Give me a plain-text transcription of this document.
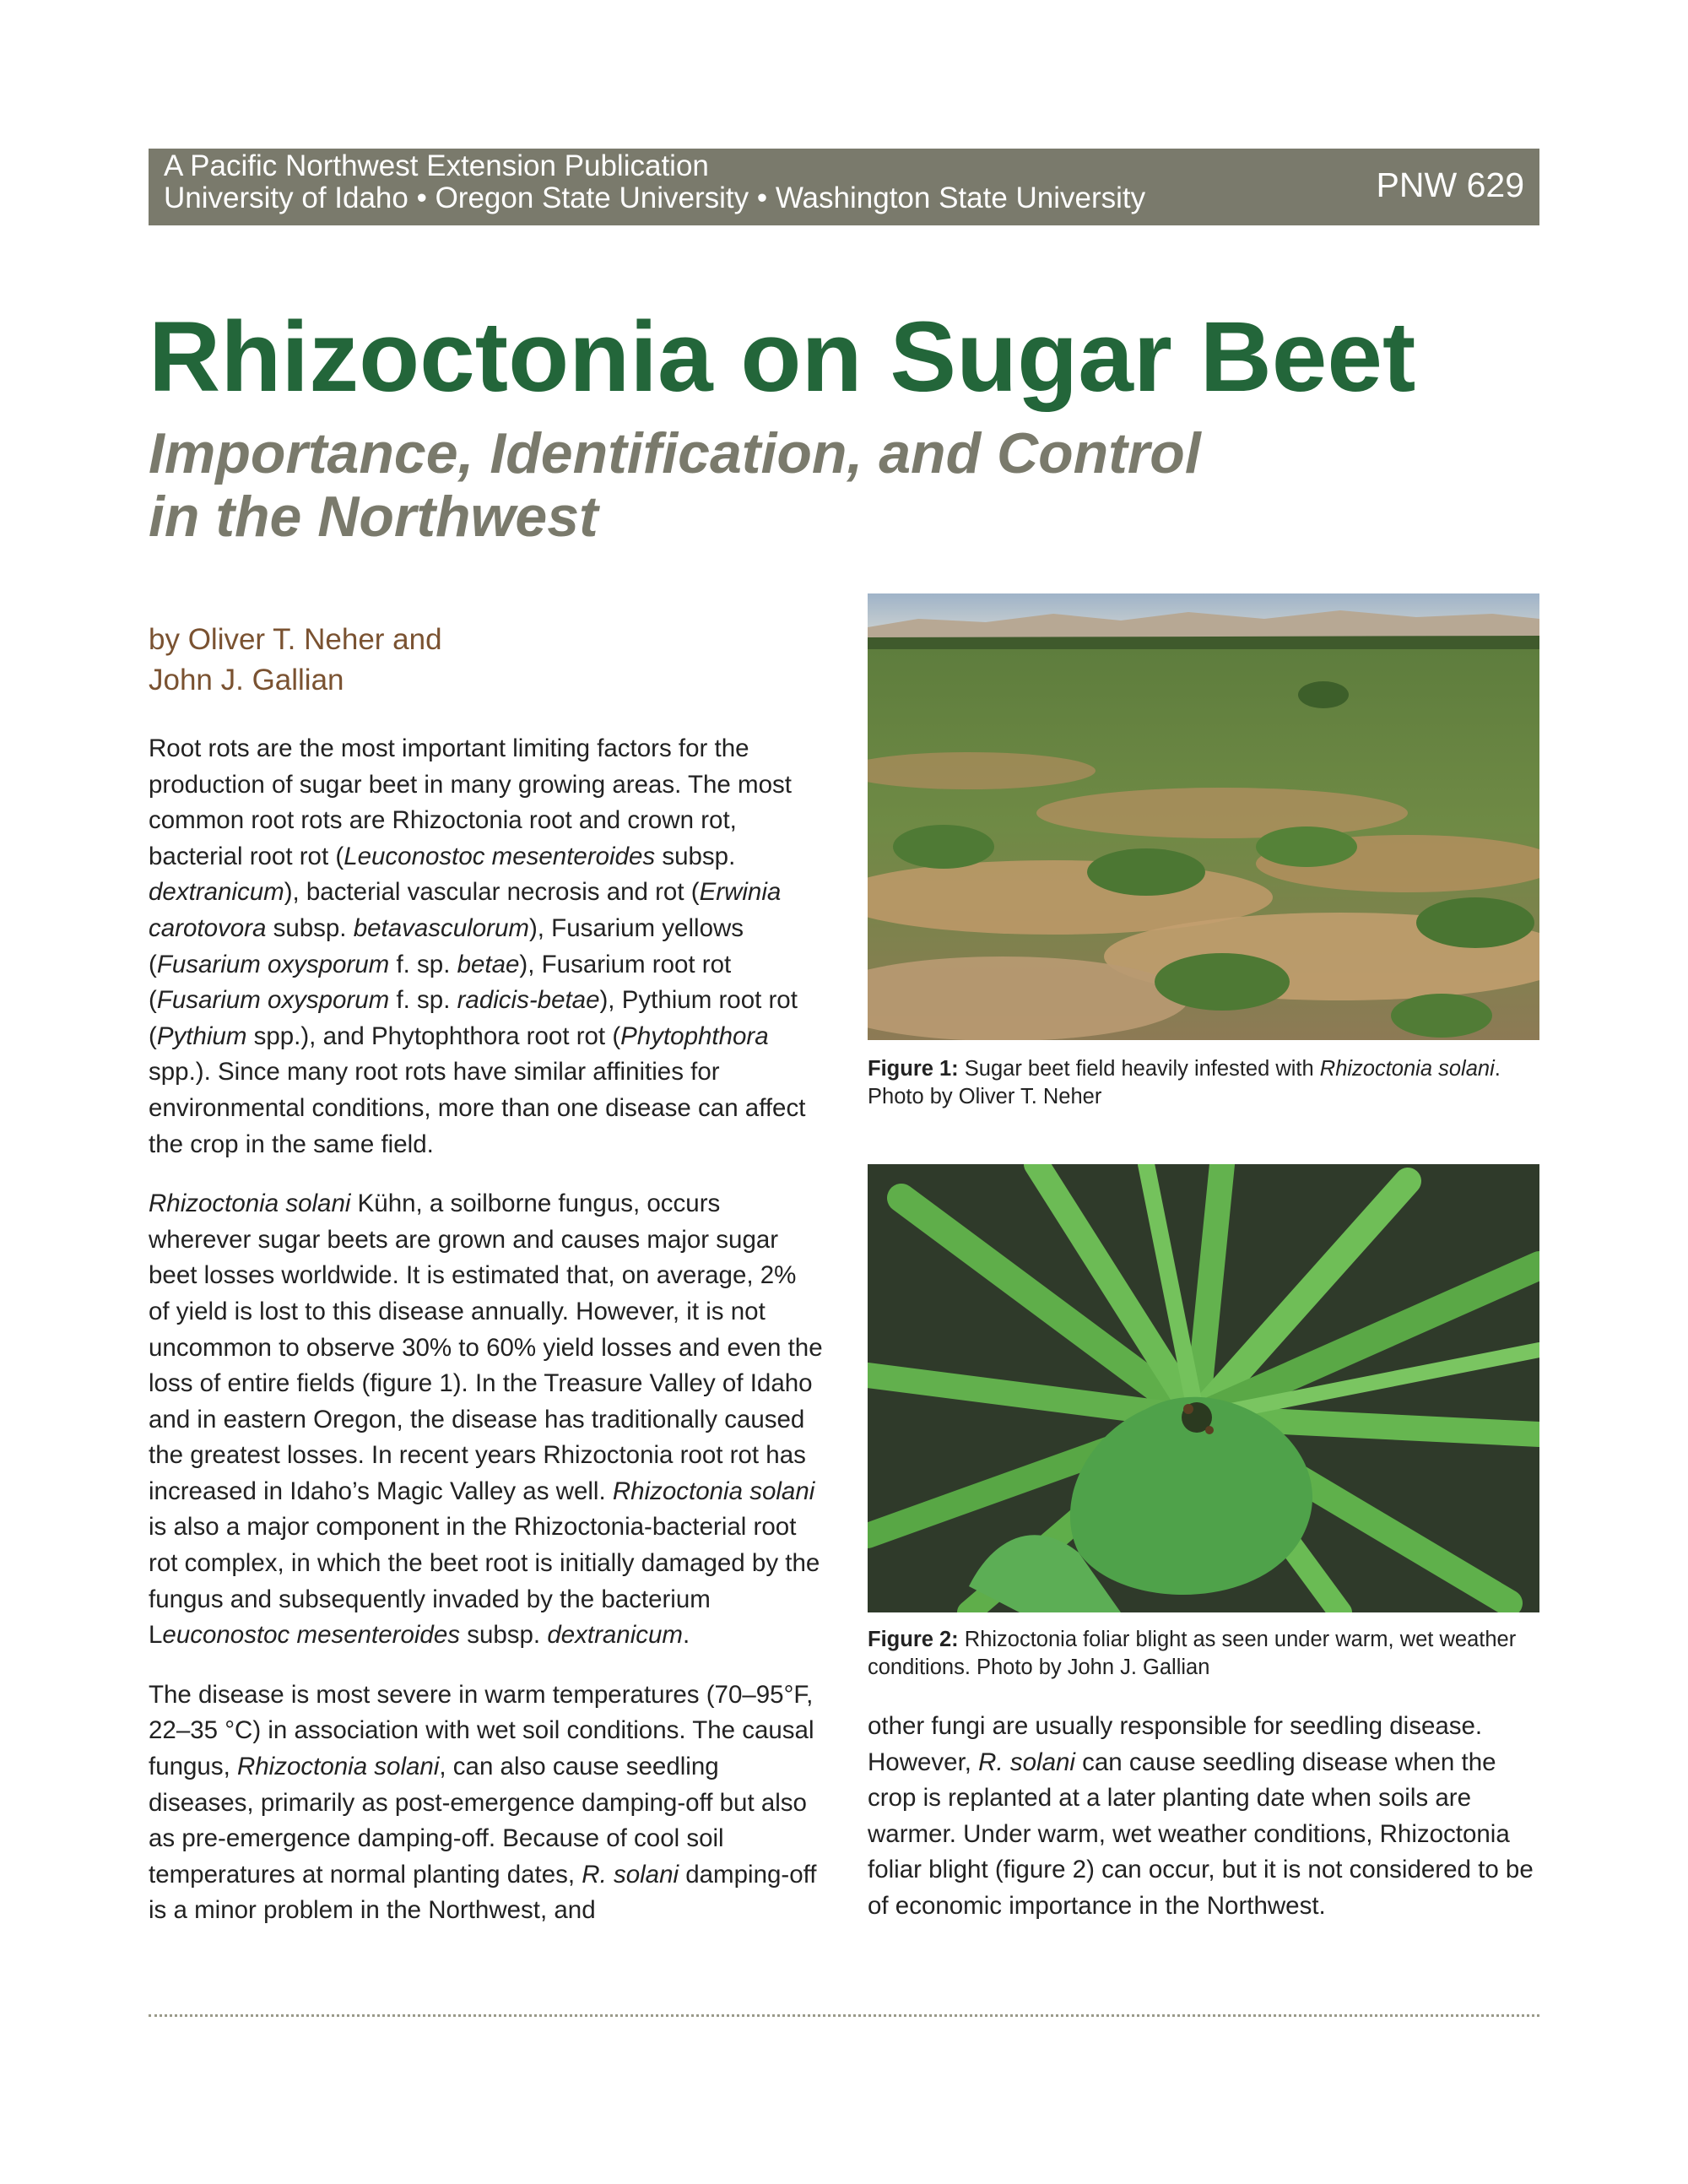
A Pacific Northwest Extension Publication
University of Idaho • Oregon State University • Washington State University	PNW 629
Rhizoctonia on Sugar Beet
Importance, Identification, and Control
in the Northwest
by Oliver T. Neher and
John J. Gallian

Root rots are the most important limiting factors for the production of sugar beet in many growing areas. The most common root rots are Rhizoctonia root and crown rot, bacterial root rot (Leuconostoc mesenteroides subsp. dextranicum), bacterial vascular necrosis and rot (Erwinia carotovora subsp. betavasculorum), Fusarium yellows (Fusarium oxysporum f. sp. betae), Fusarium root rot (Fusarium oxysporum f. sp. radicis-betae), Pythium root rot (Pythium spp.), and Phytophthora root rot (Phytophthora spp.). Since many root rots have similar affinities for environmental conditions, more than one disease can affect the crop in the same field.

Rhizoctonia solani Kühn, a soilborne fungus, occurs wherever sugar beets are grown and causes major sugar beet losses worldwide. It is estimated that, on average, 2% of yield is lost to this disease annually. However, it is not uncommon to observe 30% to 60% yield losses and even the loss of entire fields (figure 1). In the Treasure Valley of Idaho and in eastern Oregon, the disease has traditionally caused the greatest losses. In recent years Rhizoctonia root rot has increased in Idaho’s Magic Valley as well. Rhizoctonia solani is also a major component in the Rhizoctonia-bacterial root rot complex, in which the beet root is initially damaged by the fungus and subsequently invaded by the bacterium Leuconostoc mesenteroides subsp. dextranicum.

The disease is most severe in warm temperatures (70–95°F, 22–35 °C) in association with wet soil conditions. The causal fungus, Rhizoctonia solani, can also cause seedling diseases, primarily as post-emergence damping-off but also as pre-emergence damping-off. Because of cool soil temperatures at normal planting dates, R. solani damping-off is a minor problem in the Northwest, and

Figure 1: Sugar beet field heavily infested with Rhizoctonia solani. Photo by Oliver T. Neher
Figure 2: Rhizoctonia foliar blight as seen under warm, wet weather conditions. Photo by John J. Gallian

other fungi are usually responsible for seedling disease. However, R. solani can cause seedling disease when the crop is replanted at a later planting date when soils are warmer. Under warm, wet weather conditions, Rhizoctonia foliar blight (figure 2) can occur, but it is not considered to be of economic importance in the Northwest.
